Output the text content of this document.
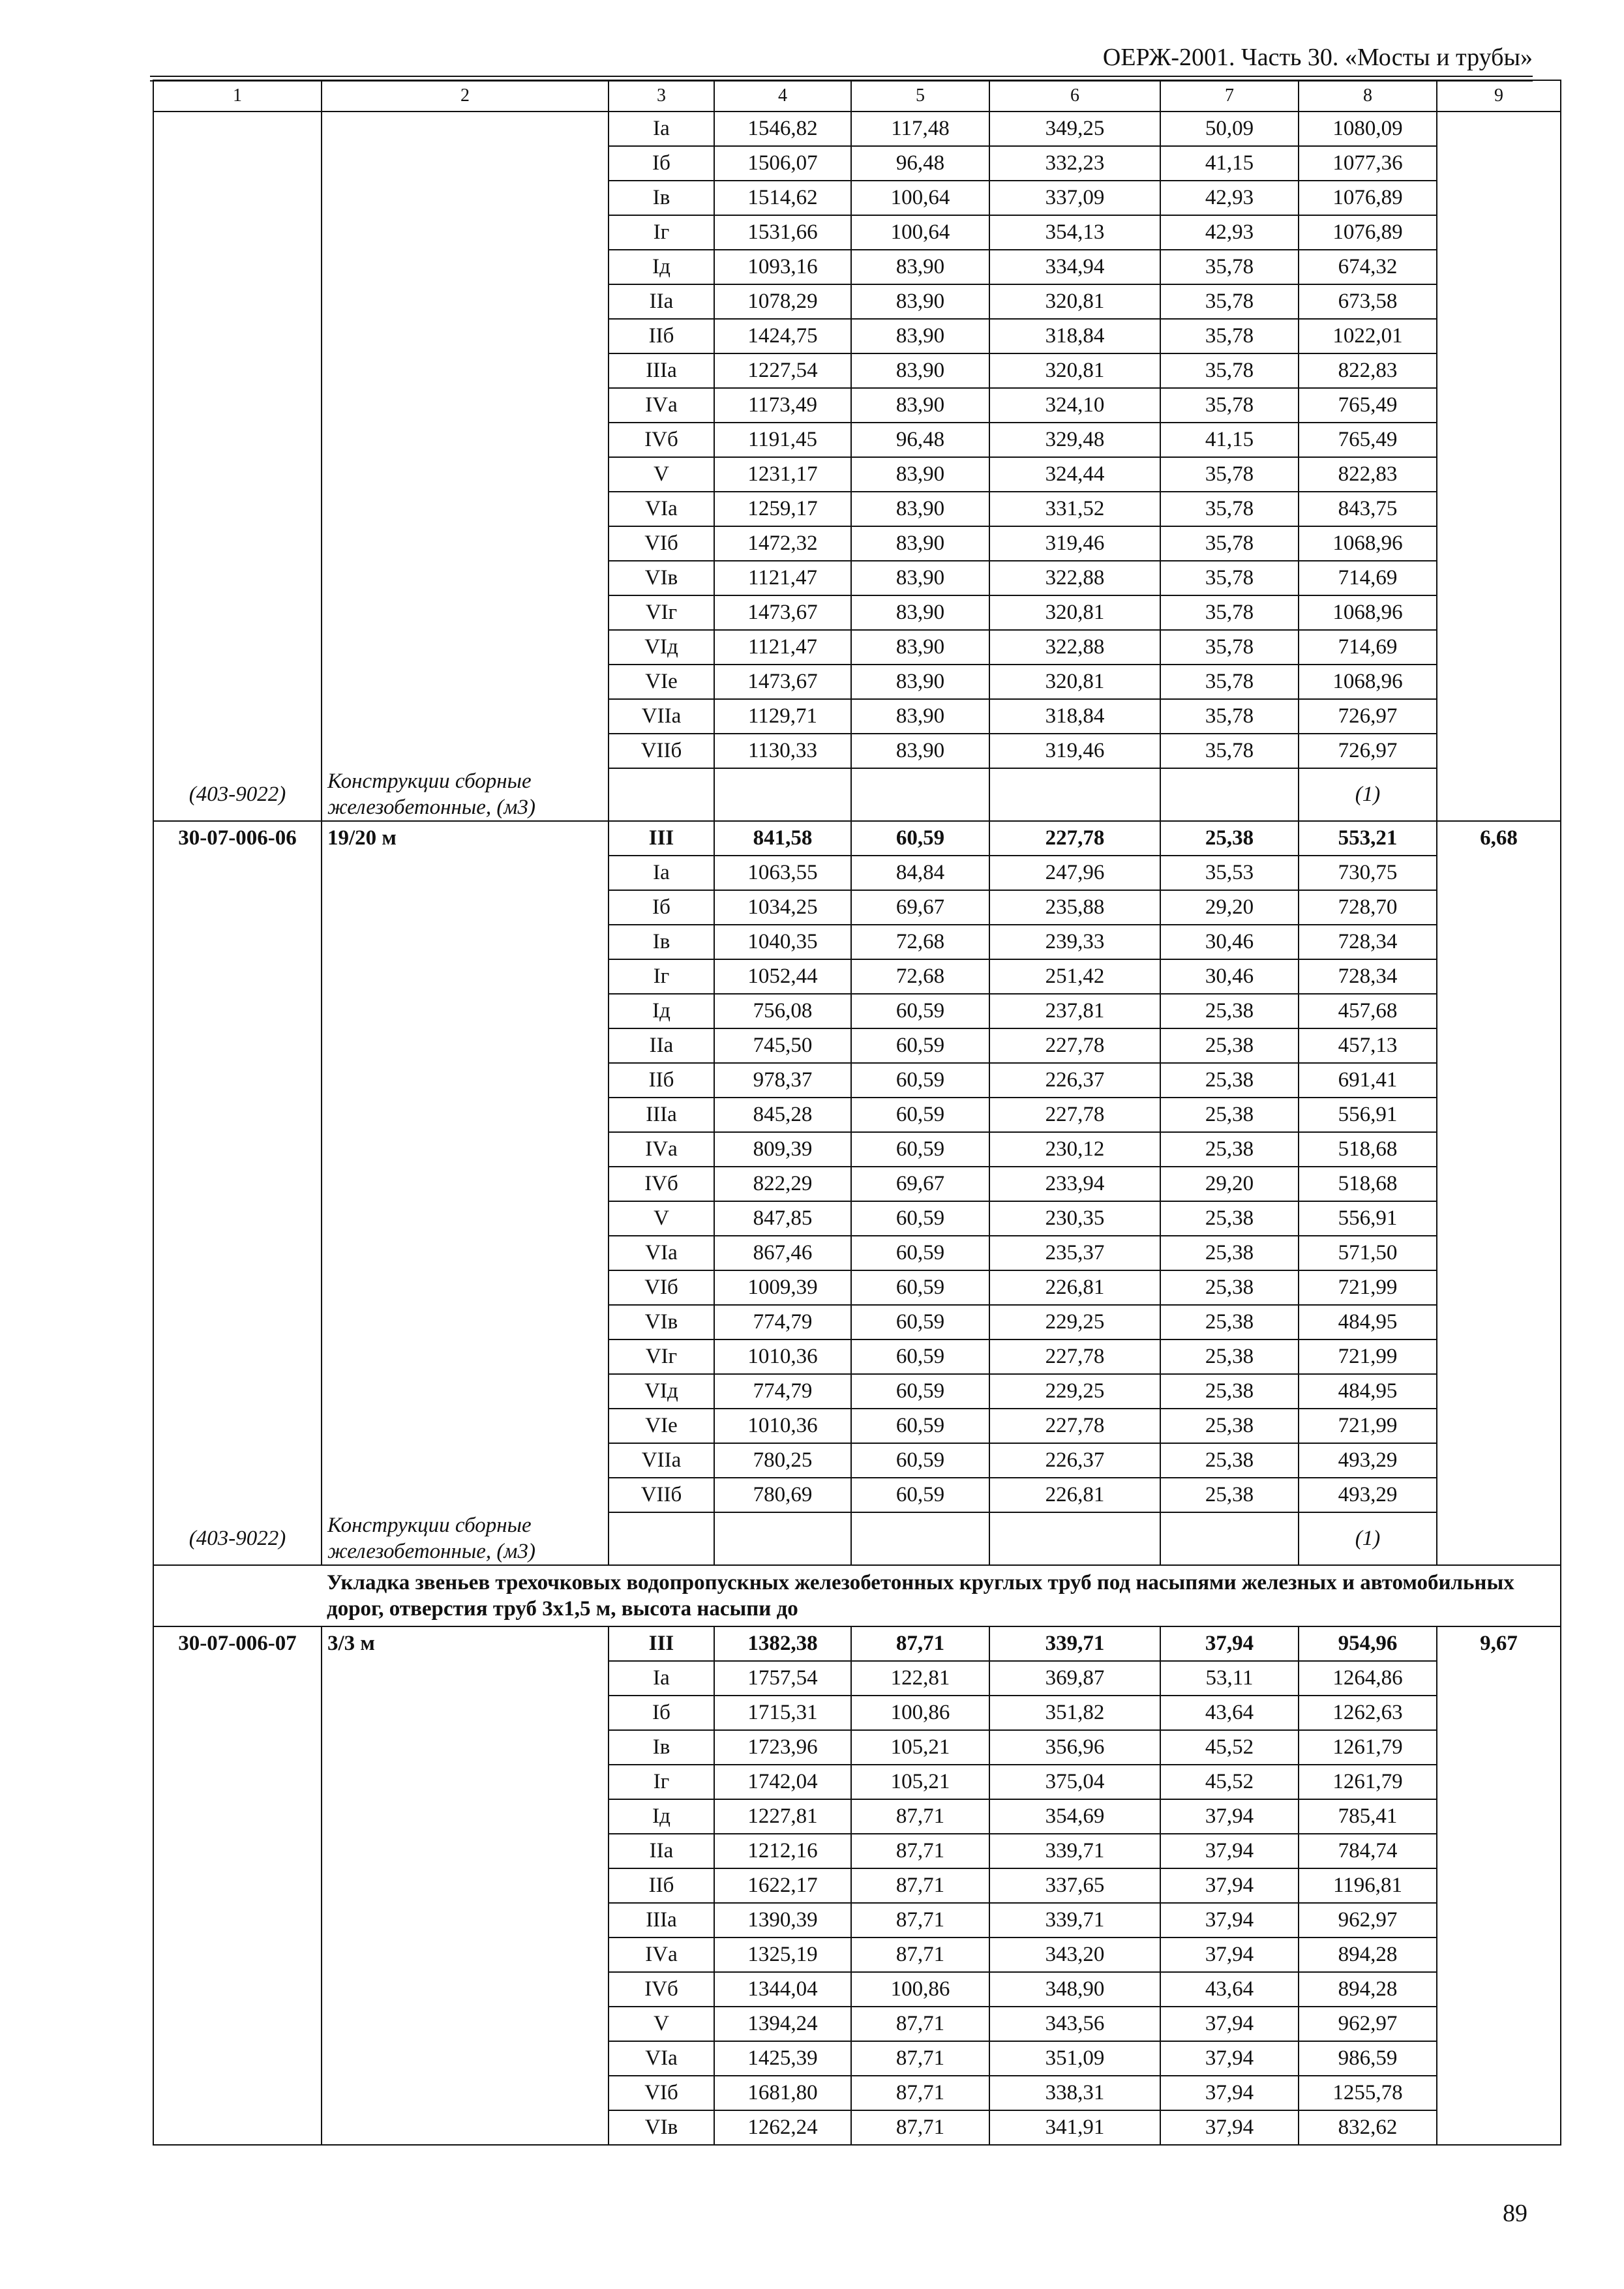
ОЕРЖ-2001. Часть 30. «Мосты и трубы»
1	2	3	4	5	6	7	8	9
		Iа	1546,82	117,48	349,25	50,09	1080,09	
		Iб	1506,07	96,48	332,23	41,15	1077,36	
		Iв	1514,62	100,64	337,09	42,93	1076,89	
		Iг	1531,66	100,64	354,13	42,93	1076,89	
		Iд	1093,16	83,90	334,94	35,78	674,32	
		IIа	1078,29	83,90	320,81	35,78	673,58	
		IIб	1424,75	83,90	318,84	35,78	1022,01	
		IIIа	1227,54	83,90	320,81	35,78	822,83	
		IVа	1173,49	83,90	324,10	35,78	765,49	
		IVб	1191,45	96,48	329,48	41,15	765,49	
		V	1231,17	83,90	324,44	35,78	822,83	
		VIа	1259,17	83,90	331,52	35,78	843,75	
		VIб	1472,32	83,90	319,46	35,78	1068,96	
		VIв	1121,47	83,90	322,88	35,78	714,69	
		VIг	1473,67	83,90	320,81	35,78	1068,96	
		VIд	1121,47	83,90	322,88	35,78	714,69	
		VIе	1473,67	83,90	320,81	35,78	1068,96	
		VIIа	1129,71	83,90	318,84	35,78	726,97	
		VIIб	1130,33	83,90	319,46	35,78	726,97	
(403-9022)	Конструкции сборные железобетонные, (м3)						(1)	
30-07-006-06	19/20 м	III	841,58	60,59	227,78	25,38	553,21	6,68
		Iа	1063,55	84,84	247,96	35,53	730,75	
		Iб	1034,25	69,67	235,88	29,20	728,70	
		Iв	1040,35	72,68	239,33	30,46	728,34	
		Iг	1052,44	72,68	251,42	30,46	728,34	
		Iд	756,08	60,59	237,81	25,38	457,68	
		IIа	745,50	60,59	227,78	25,38	457,13	
		IIб	978,37	60,59	226,37	25,38	691,41	
		IIIа	845,28	60,59	227,78	25,38	556,91	
		IVа	809,39	60,59	230,12	25,38	518,68	
		IVб	822,29	69,67	233,94	29,20	518,68	
		V	847,85	60,59	230,35	25,38	556,91	
		VIа	867,46	60,59	235,37	25,38	571,50	
		VIб	1009,39	60,59	226,81	25,38	721,99	
		VIв	774,79	60,59	229,25	25,38	484,95	
		VIг	1010,36	60,59	227,78	25,38	721,99	
		VIд	774,79	60,59	229,25	25,38	484,95	
		VIе	1010,36	60,59	227,78	25,38	721,99	
		VIIа	780,25	60,59	226,37	25,38	493,29	
		VIIб	780,69	60,59	226,81	25,38	493,29	
(403-9022)	Конструкции сборные железобетонные, (м3)						(1)	
	Укладка звеньев трехочковых водопропускных железобетонных круглых труб под насыпями железных и автомобильных дорог, отверстия труб 3х1,5 м, высота насыпи до							
30-07-006-07	3/3 м	III	1382,38	87,71	339,71	37,94	954,96	9,67
		Iа	1757,54	122,81	369,87	53,11	1264,86	
		Iб	1715,31	100,86	351,82	43,64	1262,63	
		Iв	1723,96	105,21	356,96	45,52	1261,79	
		Iг	1742,04	105,21	375,04	45,52	1261,79	
		Iд	1227,81	87,71	354,69	37,94	785,41	
		IIа	1212,16	87,71	339,71	37,94	784,74	
		IIб	1622,17	87,71	337,65	37,94	1196,81	
		IIIа	1390,39	87,71	339,71	37,94	962,97	
		IVа	1325,19	87,71	343,20	37,94	894,28	
		IVб	1344,04	100,86	348,90	43,64	894,28	
		V	1394,24	87,71	343,56	37,94	962,97	
		VIа	1425,39	87,71	351,09	37,94	986,59	
		VIб	1681,80	87,71	338,31	37,94	1255,78	
		VIв	1262,24	87,71	341,91	37,94	832,62	
89
